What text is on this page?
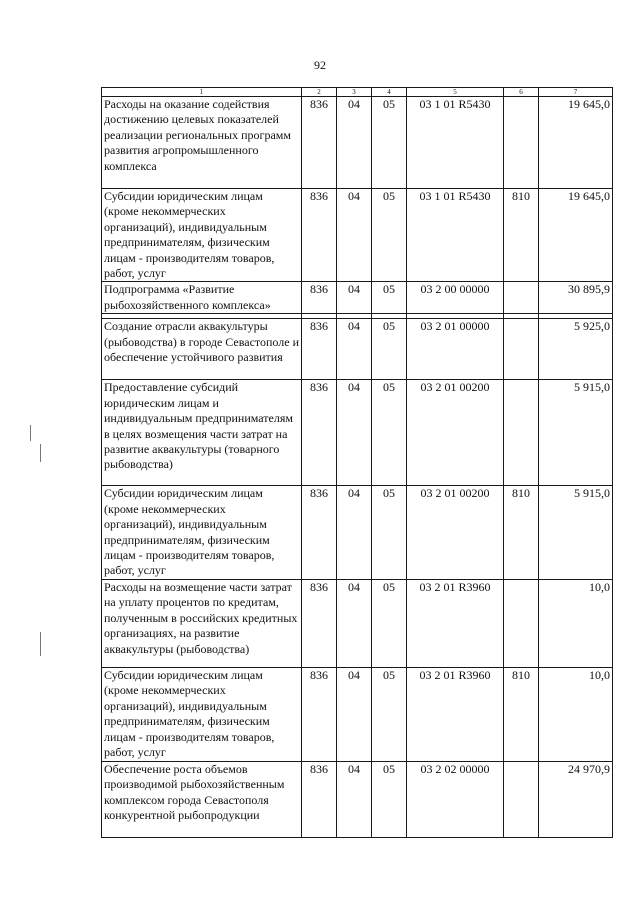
92
1	2	3	4	5	6	7
Расходы на оказание содействия достижению целевых показателей реализации региональных программ развития агропромышленного комплекса	836	04	05	03 1 01 R5430		19 645,0
Субсидии юридическим лицам (кроме некоммерческих организаций), индивидуальным предпринимателям, физическим лицам - производителям товаров, работ, услуг	836	04	05	03 1 01 R5430	810	19 645,0
Подпрограмма «Развитие рыбохозяйственного комплекса»	836	04	05	03 2 00 00000		30 895,9

Создание отрасли аквакультуры (рыбоводства) в городе Севастополе и обеспечение устойчивого развития	836	04	05	03 2 01 00000		5 925,0
Предоставление субсидий юридическим лицам и индивидуальным предпринимателям в целях возмещения части затрат на развитие аквакультуры (товарного рыбоводства)	836	04	05	03 2 01 00200		5 915,0
Субсидии юридическим лицам (кроме некоммерческих организаций), индивидуальным предпринимателям, физическим лицам - производителям товаров, работ, услуг	836	04	05	03 2 01 00200	810	5 915,0
Расходы на возмещение части затрат на уплату процентов по кредитам, полученным в российских кредитных организациях, на развитие аквакультуры (рыбоводства)	836	04	05	03 2 01 R3960		10,0
Субсидии юридическим лицам (кроме некоммерческих организаций), индивидуальным предпринимателям, физическим лицам - производителям товаров, работ, услуг	836	04	05	03 2 01 R3960	810	10,0
Обеспечение роста объемов производимой рыбохозяйственным комплексом города Севастополя конкурентной рыбопродукции	836	04	05	03 2 02 00000		24 970,9
